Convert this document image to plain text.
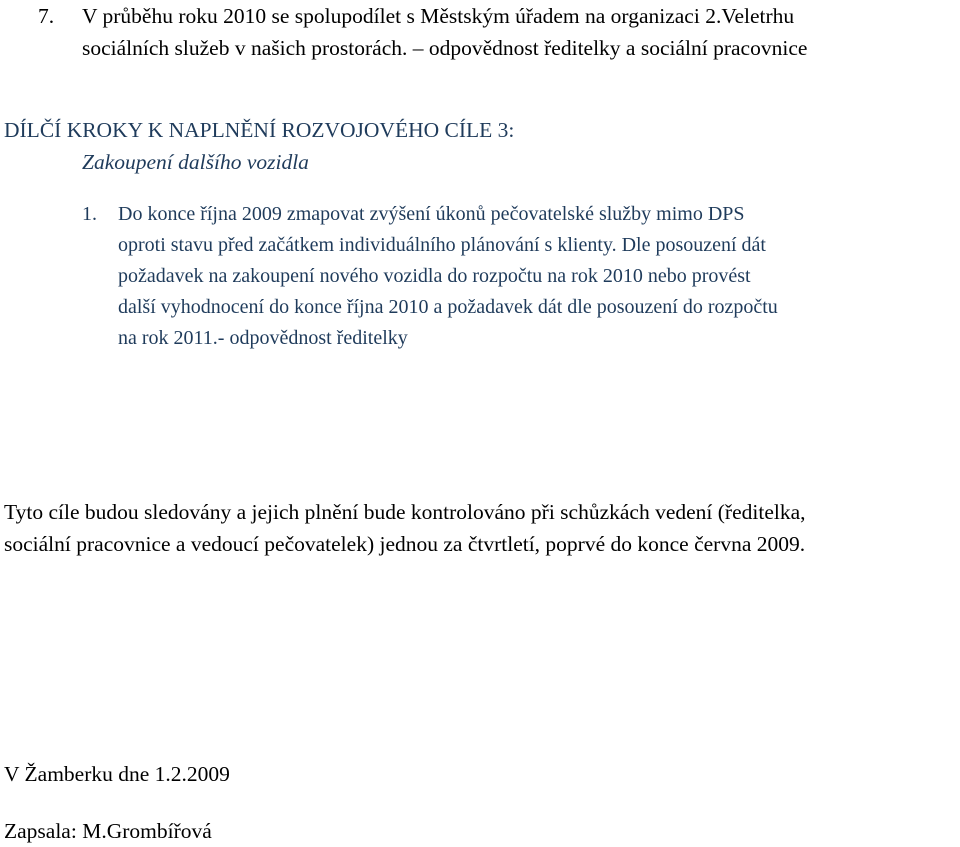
7. V průběhu roku 2010 se spolupodílet s Městským úřadem na organizaci 2.Veletrhu
sociálních služeb v našich prostorách. – odpovědnost ředitelky a sociální pracovnice
DÍLČÍ KROKY K NAPLNĚNÍ ROZVOJOVÉHO CÍLE 3:
Zakoupení dalšího vozidla
1. Do konce října 2009 zmapovat zvýšení úkonů pečovatelské služby mimo DPS
oproti stavu před začátkem individuálního plánování s klienty. Dle posouzení dát
požadavek na zakoupení nového vozidla do rozpočtu na rok 2010 nebo provést
další vyhodnocení do konce října 2010 a požadavek dát dle posouzení do rozpočtu
na rok 2011.- odpovědnost ředitelky
Tyto cíle budou sledovány a jejich plnění bude kontrolováno při schůzkách vedení (ředitelka,
sociální pracovnice a vedoucí pečovatelek) jednou za čtvrtletí, poprvé do konce června 2009.
V Žamberku dne 1.2.2009
Zapsala: M.Grombířová
